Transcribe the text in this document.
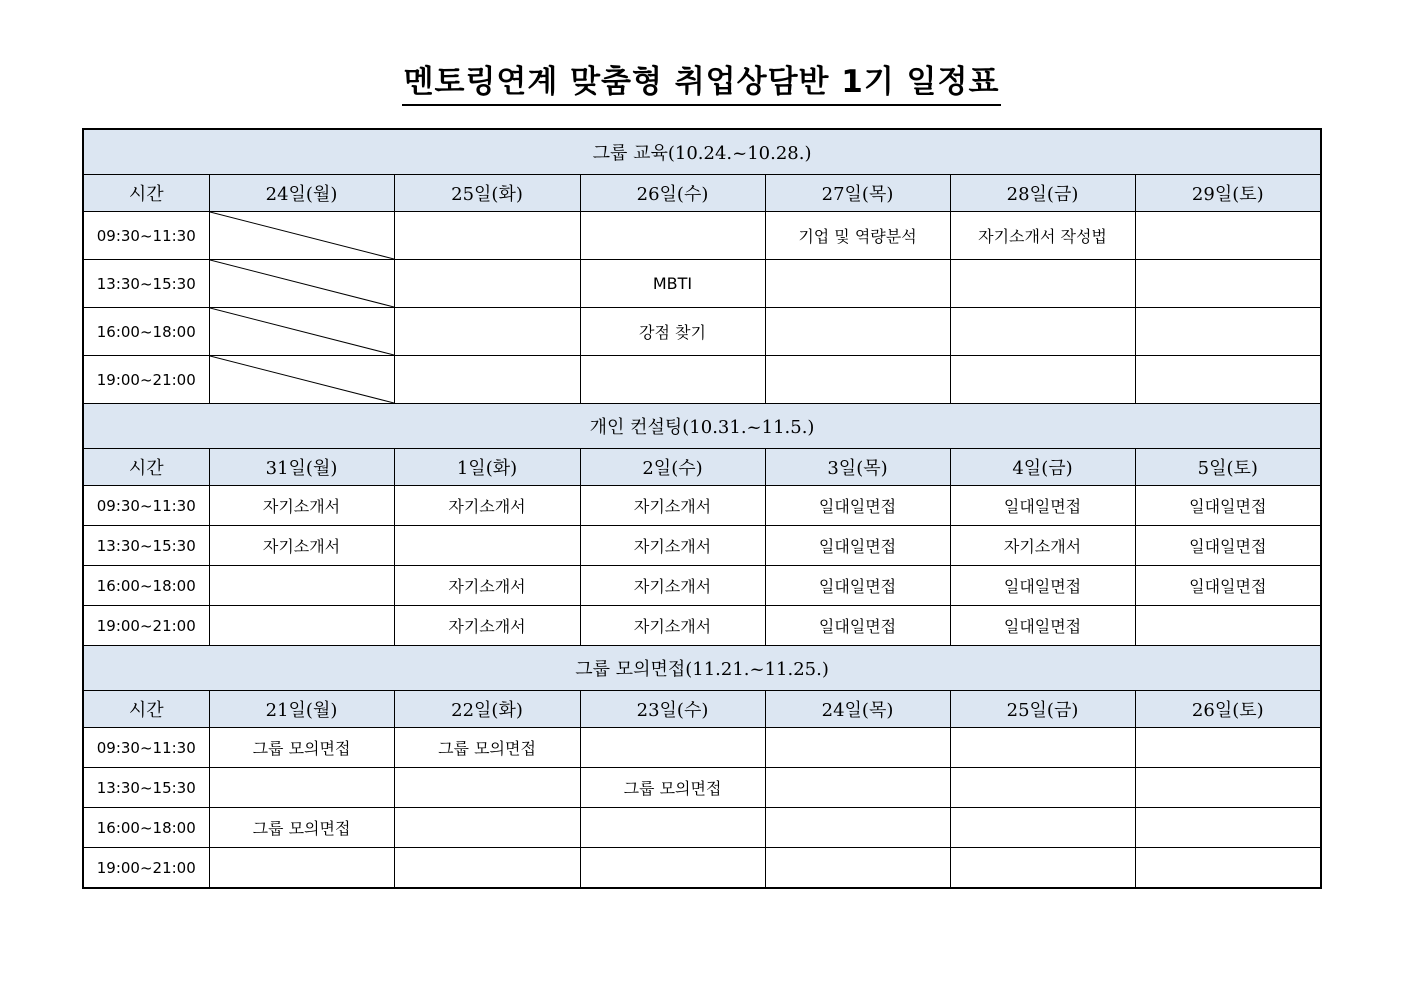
멘토링연계 맞춤형 취업상담반 1기 일정표
그룹 교육(10.24.~10.28.)						
시간	24일(월)	25일(화)	26일(수)	27일(목)	28일(금)	29일(토)
09:30~11:30				기업 및 역량분석	자기소개서 작성법	
13:30~15:30			MBTI			
16:00~18:00			강점 찾기			
19:00~21:00	

개인 컨설팅(10.31.~11.5.)						
시간	31일(월)	1일(화)	2일(수)	3일(목)	4일(금)	5일(토)
09:30~11:30	자기소개서	자기소개서	자기소개서	일대일면접	일대일면접	일대일면접
13:30~15:30	자기소개서		자기소개서	일대일면접	자기소개서	일대일면접
16:00~18:00		자기소개서	자기소개서	일대일면접	일대일면접	일대일면접
19:00~21:00		자기소개서	자기소개서	일대일면접	일대일면접	
그룹 모의면접(11.21.~11.25.)						
시간	21일(월)	22일(화)	23일(수)	24일(목)	25일(금)	26일(토)
09:30~11:30	그룹 모의면접	그룹 모의면접				
13:30~15:30			그룹 모의면접			
16:00~18:00	그룹 모의면접					
19:00~21:00						
